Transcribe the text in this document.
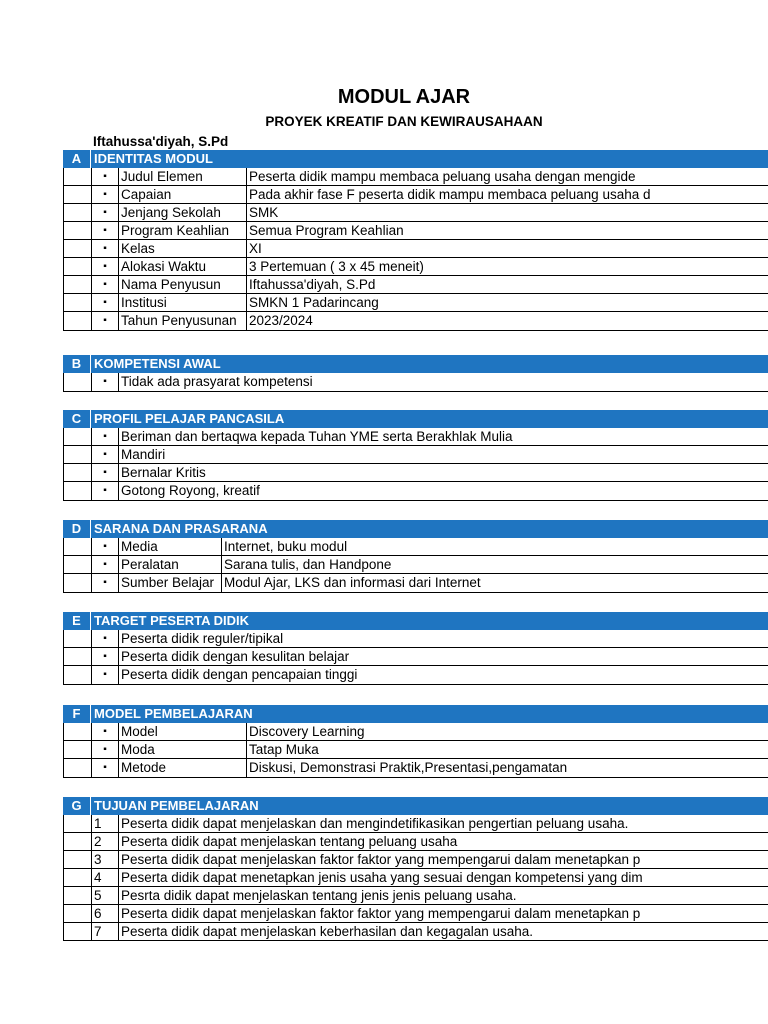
MODUL AJAR
PROYEK KREATIF DAN KEWIRAUSAHAAN
Iftahussa'diyah, S.Pd
A IDENTITAS MODUL
▪	Judul Elemen	Peserta didik mampu membaca peluang usaha dengan mengide
▪	Capaian	Pada akhir fase F peserta didik mampu membaca peluang usaha d
▪	Jenjang Sekolah	SMK
▪	Program Keahlian	Semua Program Keahlian
▪	Kelas	XI
▪	Alokasi Waktu	3 Pertemuan ( 3 x 45 meneit)
▪	Nama Penyusun	Iftahussa'diyah, S.Pd
▪	Institusi	SMKN 1 Padarincang
▪	Tahun Penyusunan 2023/2024
B KOMPETENSI AWAL
▪	Tidak ada prasyarat kompetensi
C PROFIL PELAJAR PANCASILA
▪	Beriman dan bertaqwa kepada Tuhan YME serta Berakhlak Mulia
▪	Mandiri
▪	Bernalar Kritis
▪	Gotong Royong, kreatif
D SARANA DAN PRASARANA
▪	Media	Internet, buku modul
▪	Peralatan	Sarana tulis, dan Handpone
▪	Sumber Belajar Modul Ajar, LKS dan informasi dari Internet
E	TARGET PESERTA DIDIK
▪	Peserta didik reguler/tipikal
▪	Peserta didik dengan kesulitan belajar
▪	Peserta didik dengan pencapaian tinggi
F	MODEL PEMBELAJARAN
▪	Model	Discovery Learning
▪	Moda	Tatap Muka
▪	Metode	Diskusi, Demonstrasi Praktik,Presentasi,pengamatan
G TUJUAN PEMBELAJARAN
1	Peserta didik dapat menjelaskan dan mengindetifikasikan pengertian peluang usaha.
2	Peserta didik dapat menjelaskan tentang peluang usaha
3	Peserta didik dapat menjelaskan faktor faktor yang mempengarui dalam menetapkan p
4	Peserta didik dapat menetapkan jenis usaha yang sesuai dengan kompetensi yang dim
5	Pesrta didik dapat menjelaskan tentang jenis jenis peluang usaha.
6	Peserta didik dapat menjelaskan faktor faktor yang mempengarui dalam menetapkan p
7	Peserta didik dapat menjelaskan keberhasilan dan kegagalan usaha.
